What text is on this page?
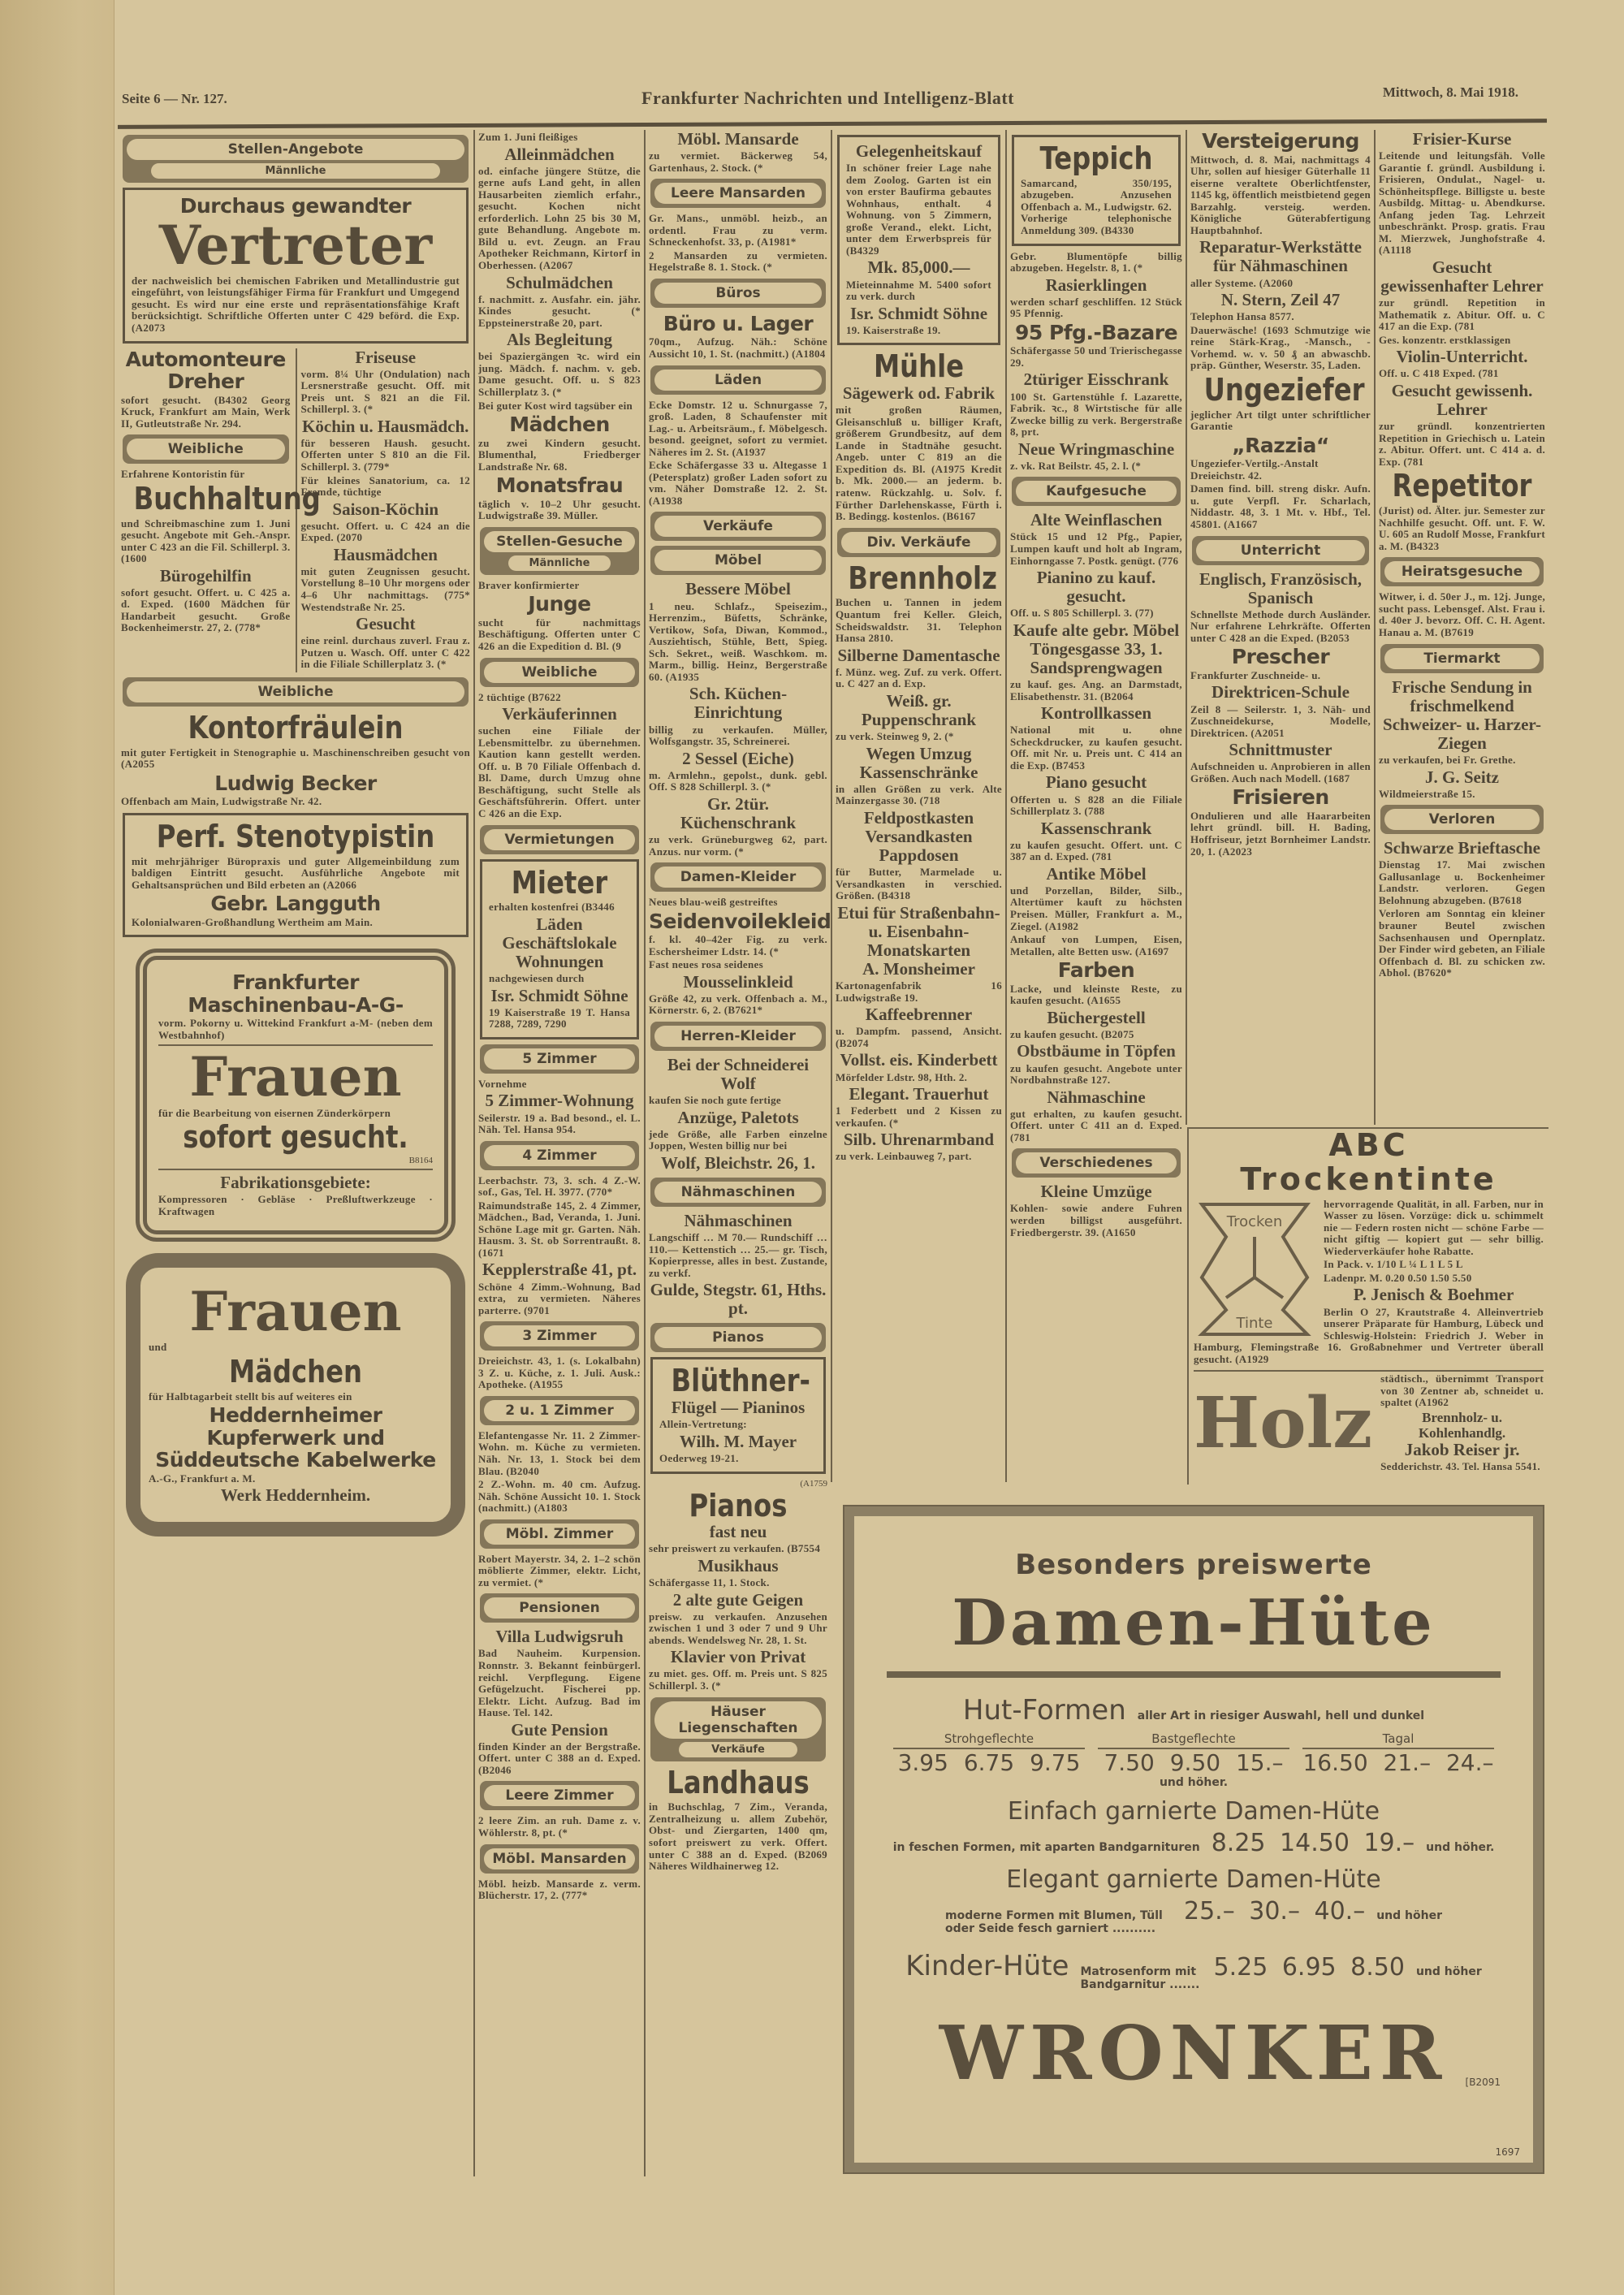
Seite 6 — Nr. 127.	Frankfurter Nachrichten und Intelligenz-Blatt	Mittwoch, 8. Mai 1918.
Stellen-Angebote
Männliche
Durchaus gewandter
Vertreter
der nachweislich bei chemischen Fabriken und Metallindustrie gut eingeführt, von leistungsfähiger Firma für Frankfurt und Umgegend gesucht. Es wird nur eine erste und repräsentationsfähige Kraft berücksichtigt. Schriftliche Offerten unter C 429 beförd. die Exp. (A2073
Automonteure
Dreher
sofort gesucht. (B4302 Georg Kruck, Frankfurt am Main, Werk II, Gutleutstraße Nr. 294.
Weibliche
Erfahrene Kontoristin für
Buchhaltung
und Schreibmaschine zum 1. Juni gesucht. Angebote mit Geh.-Anspr. unter C 423 an die Fil. Schillerpl. 3. (1600
Bürogehilfin
sofort gesucht. Offert. u. C 425 a. d. Exped. (1600 Mädchen für Handarbeit gesucht. Große Bockenheimerstr. 27, 2. (778*
Friseuse
vorm. 8¼ Uhr (Ondulation) nach Lersnerstraße gesucht. Off. mit Preis unt. S 821 an die Fil. Schillerpl. 3. (*
Köchin u. Hausmädch.
für besseren Haush. gesucht. Offerten unter S 810 an die Fil. Schillerpl. 3. (779*
Für kleines Sanatorium, ca. 12 Fremde, tüchtige
Saison-Köchin
gesucht. Offert. u. C 424 an die Exped. (2070
Hausmädchen
mit guten Zeugnissen gesucht. Vorstellung 8–10 Uhr morgens oder 4–6 Uhr nachmittags. (775* Westendstraße Nr. 25.
Gesucht
eine reinl. durchaus zuverl. Frau z. Putzen u. Wasch. Off. unter C 422 in die Filiale Schillerplatz 3. (*
Weibliche
Kontorfräulein
mit guter Fertigkeit in Stenographie u. Maschinenschreiben gesucht von (A2055
Ludwig Becker
Offenbach am Main, Ludwigstraße Nr. 42.
Perf. Stenotypistin
mit mehrjähriger Büropraxis und guter Allgemeinbildung zum baldigen Eintritt gesucht. Ausführliche Angebote mit Gehaltsansprüchen und Bild erbeten an (A2066
Gebr. Langguth
Kolonialwaren-Großhandlung Wertheim am Main.
Frankfurter Maschinenbau-A-G-
vorm. Pokorny u. Wittekind Frankfurt a-M- (neben dem Westbahnhof)
Frauen
für die Bearbeitung von eisernen Zünderkörpern
sofort gesucht.
B8164
Fabrikationsgebiete:
Kompressoren · Gebläse · Preßluftwerkzeuge · Kraftwagen
Frauen
und
Mädchen
für Halbtagarbeit stellt bis auf weiteres ein
Heddernheimer Kupferwerk und Süddeutsche Kabelwerke
A.-G., Frankfurt a. M.
Werk Heddernheim.
Zum 1. Juni fleißiges
Alleinmädchen
od. einfache jüngere Stütze, die gerne aufs Land geht, in allen Hausarbeiten ziemlich erfahr., gesucht. Kochen nicht erforderlich. Lohn 25 bis 30 M, gute Behandlung. Angebote m. Bild u. evt. Zeugn. an Frau Apotheker Reichmann, Kirtorf in Oberhessen. (A2067
Schulmädchen
f. nachmitt. z. Ausfahr. ein. jähr. Kindes gesucht. (* Eppsteinerstraße 20, part.
Als Begleitung
bei Spaziergängen ꝛc. wird ein jung. Mädch. f. nachm. v. geb. Dame gesucht. Off. u. S 823 Schillerplatz 3. (*
Bei guter Kost wird tagsüber ein
Mädchen
zu zwei Kindern gesucht. Blumenthal, Friedberger Landstraße Nr. 68.
Monatsfrau
täglich v. 10–2 Uhr gesucht. Ludwigstraße 39. Müller.
Stellen-Gesuche
Männliche
Braver konfirmierter
Junge
sucht für nachmittags Beschäftigung. Offerten unter C 426 an die Expedition d. Bl. (9
Weibliche
2 tüchtige (B7622
Verkäuferinnen
suchen eine Filiale der Lebensmittelbr. zu übernehmen. Kaution kann gestellt werden. Off. u. B 70 Filiale Offenbach d. Bl. Dame, durch Umzug ohne Beschäftigung, sucht Stelle als Geschäftsführerin. Offert. unter C 426 an die Exp.
Vermietungen
Mieter
erhalten kostenfrei (B3446
Läden Geschäftslokale Wohnungen
nachgewiesen durch
Isr. Schmidt Söhne
19 Kaiserstraße 19 T. Hansa 7288, 7289, 7290
5 Zimmer
Vornehme
5 Zimmer-Wohnung
Seilerstr. 19 a. Bad besond., el. L. Näh. Tel. Hansa 954.
4 Zimmer
Leerbachstr. 73, 3. sch. 4 Z.-W. sof., Gas, Tel. H. 3977. (770*
Raimundstraße 145, 2. 4 Zimmer, Mädchen., Bad, Veranda, 1. Juni. Schöne Lage mit gr. Garten. Näh. Hausm. 3. St. ob Sorrentraußt. 8. (1671
Kepplerstraße 41, pt.
Schöne 4 Zimm.-Wohnung, Bad extra, zu vermieten. Näheres parterre. (9701
3 Zimmer
Dreieichstr. 43, 1. (s. Lokalbahn) 3 Z. u. Küche, z. 1. Juli. Ausk.: Apotheke. (A1955
2 u. 1 Zimmer
Elefantengasse Nr. 11. 2 Zimmer-Wohn. m. Küche zu vermieten. Näh. Nr. 13, 1. Stock bei dem Blau. (B2040
2 Z.-Wohn. m. 40 cm. Aufzug. Näh. Schöne Aussicht 10. 1. Stock (nachmitt.) (A1803
Möbl. Zimmer
Robert Mayerstr. 34, 2. 1–2 schön möblierte Zimmer, elektr. Licht, zu vermiet. (*
Pensionen
Villa Ludwigsruh
Bad Nauheim. Kurpension. Ronnstr. 3. Bekannt feinbürgerl. reichl. Verpflegung. Eigene Gefügelzucht. Fischerei pp. Elektr. Licht. Aufzug. Bad im Hause. Tel. 142.
Gute Pension
finden Kinder an der Bergstraße. Offert. unter C 388 an d. Exped. (B2046
Leere Zimmer
2 leere Zim. an ruh. Dame z. v. Wöhlerstr. 8, pt. (*
Möbl. Mansarden
Möbl. heizb. Mansarde z. verm. Blücherstr. 17, 2. (777*
Möbl. Mansarde
zu vermiet. Bäckerweg 54, Gartenhaus, 2. Stock. (*
Leere Mansarden
Gr. Mans., unmöbl. heizb., an ordentl. Frau zu verm. Schneckenhofst. 33, p. (A1981*
2 Mansarden zu vermieten. Hegelstraße 8. 1. Stock. (*
Büros
Büro u. Lager
70qm., Aufzug. Näh.: Schöne Aussicht 10, 1. St. (nachmitt.) (A1804
Läden
Ecke Domstr. 12 u. Schnurgasse 7, groß. Laden, 8 Schaufenster mit Lag.- u. Arbeitsräum., f. Möbelgesch. besond. geeignet, sofort zu vermiet. Näheres im 2. St. (A1937
Ecke Schäfergasse 33 u. Altegasse 1 (Petersplatz) großer Laden sofort zu vm. Näher Domstraße 12. 2. St. (A1938
Verkäufe
Möbel
Bessere Möbel
1 neu. Schlafz., Speisezim., Herrenzim., Büfetts, Schränke, Vertikow, Sofa, Diwan, Kommod., Ausziehtisch, Stühle, Bett, Spieg. Sch. Sekret., weiß. Waschkom. m. Marm., billig. Heinz, Bergerstraße 60. (A1935
Sch. Küchen-Einrichtung
billig zu verkaufen. Müller, Wolfsgangstr. 35, Schreinerei.
2 Sessel (Eiche)
m. Armlehn., gepolst., dunk. gebl. Off. S 828 Schillerpl. 3. (*
Gr. 2tür. Küchenschrank
zu verk. Grüneburgweg 62, part. Anzus. nur vorm. (*
Damen-Kleider
Neues blau-weiß gestreiftes
Seidenvoilekleid
f. kl. 40–42er Fig. zu verk. Eschersheimer Ldstr. 14. (*
Fast neues rosa seidenes
Mousselinkleid
Größe 42, zu verk. Offenbach a. M., Körnerstr. 6, 2. (B7621*
Herren-Kleider
Bei der Schneiderei Wolf
kaufen Sie noch gute fertige
Anzüge, Paletots
jede Größe, alle Farben einzelne Joppen, Westen billig nur bei
Wolf, Bleichstr. 26, 1.
Nähmaschinen
Nähmaschinen
Langschiff … M 70.— Rundschiff … 110.— Kettenstich … 25.— gr. Tisch, Kopierpresse, alles in best. Zustande, zu verkf.
Gulde, Stegstr. 61, Hths. pt.
Pianos
Blüthner-
Flügel — Pianinos
Allein-Vertretung:
Wilh. M. Mayer
Oederweg 19-21.
(A1759
Pianos
fast neu
sehr preiswert zu verkaufen. (B7554
Musikhaus
Schäfergasse 11, 1. Stock.
2 alte gute Geigen
preisw. zu verkaufen. Anzusehen zwischen 1 und 3 oder 7 und 9 Uhr abends. Wendelsweg Nr. 28, 1. St.
Klavier von Privat
zu miet. ges. Off. m. Preis unt. S 825 Schillerpl. 3. (*
Häuser Liegenschaften
Verkäufe
Landhaus
in Buchschlag, 7 Zim., Veranda, Zentralheizung u. allem Zubehör, Obst- und Ziergarten, 1400 qm, sofort preiswert zu verk. Offert. unter C 388 an d. Exped. (B2069 Näheres Wildhainerweg 12.
Gelegenheitskauf
In schöner freier Lage nahe dem Zoolog. Garten ist ein von erster Baufirma gebautes Wohnhaus, enthalt. 4 Wohnung. von 5 Zimmern, große Verand., elekt. Licht, unter dem Erwerbspreis für (B4329
Mk. 85,000.—
Mieteinnahme M. 5400 sofort zu verk. durch
Isr. Schmidt Söhne
19. Kaiserstraße 19.
Mühle
Sägewerk od. Fabrik
mit großen Räumen, Gleisanschluß u. billiger Kraft, größerem Grundbesitz, auf dem Lande in Stadtnähe gesucht. Angeb. unter C 819 an die Expedition ds. Bl. (A1975 Kredit b. Mk. 2000.— an jederm. b. ratenw. Rückzahlg. u. Solv. f. Fürther Darlehenskasse, Fürth i. B. Bedingg. kostenlos. (B6167
Div. Verkäufe
Brennholz
Buchen u. Tannen in jedem Quantum frei Keller. Gleich, Scheidswaldstr. 31. Telephon Hansa 2810.
Silberne Damentasche
f. Münz. weg. Zuf. zu verk. Offert. u. C 427 an d. Exp.
Weiß. gr. Puppenschrank
zu verk. Steinweg 9, 2. (*
Wegen Umzug
Kassenschränke
in allen Größen zu verk. Alte Mainzergasse 30. (718
Feldpostkasten
Versandkasten
Pappdosen
für Butter, Marmelade u. Versandkasten in verschied. Größen. (B4318
Etui für Straßenbahn- u. Eisenbahn-Monatskarten
A. Monsheimer
Kartonagenfabrik 16 Ludwigstraße 19.
Kaffeebrenner
u. Dampfm. passend, Ansicht. (B2074
Vollst. eis. Kinderbett
Mörfelder Ldstr. 98, Hth. 2.
Elegant. Trauerhut
1 Federbett und 2 Kissen zu verkaufen. (*
Silb. Uhrenarmband
zu verk. Leinbauweg 7, part.
Teppich
Samarcand, 350/195, abzugeben. Anzusehen Offenbach a. M., Ludwigstr. 62. Vorherige telephonische Anmeldung 309. (B4330
Gebr. Blumentöpfe billig abzugeben. Hegelstr. 8, 1. (*
Rasierklingen
werden scharf geschliffen. 12 Stück 95 Pfennig.
95 Pfg.-Bazare
Schäfergasse 50 und Trierischegasse 29.
2türiger Eisschrank
100 St. Gartenstühle f. Lazarette, Fabrik. ꝛc., 8 Wirtstische für alle Zwecke billig zu verk. Bergerstraße 8, prt.
Neue Wringmaschine
z. vk. Rat Beilstr. 45, 2. l. (*
Kaufgesuche
Alte Weinflaschen
Stück 15 und 12 Pfg., Papier, Lumpen kauft und holt ab Ingram, Einhorngasse 7. Postk. genügt. (776
Pianino zu kauf. gesucht.
Off. u. S 805 Schillerpl. 3. (77)
Kaufe alte gebr. Möbel
Töngesgasse 33, 1.
Sandsprengwagen
zu kauf. ges. Ang. an Darmstadt, Elisabethenstr. 31. (B2064
Kontrollkassen
National mit u. ohne Scheckdrucker, zu kaufen gesucht. Off. mit Nr. u. Preis unt. C 414 an die Exp. (B7453
Piano gesucht
Offerten u. S 828 an die Filiale Schillerplatz 3. (788
Kassenschrank
zu kaufen gesucht. Offert. unt. C 387 an d. Exped. (781
Antike Möbel
und Porzellan, Bilder, Silb., Altertümer kauft zu höchsten Preisen. Müller, Frankfurt a. M., Ziegel. (A1982
Ankauf von Lumpen, Eisen, Metallen, alte Betten usw. (A1697
Farben
Lacke, und kleinste Reste, zu kaufen gesucht. (A1655
Büchergestell
zu kaufen gesucht. (B2075
Obstbäume in Töpfen
zu kaufen gesucht. Angebote unter Nordbahnstraße 127.
Nähmaschine
gut erhalten, zu kaufen gesucht. Offert. unter C 411 an d. Exped. (781
Verschiedenes
Kleine Umzüge
Kohlen- sowie andere Fuhren werden billigst ausgeführt. Friedbergerstr. 39. (A1650
Versteigerung
Mittwoch, d. 8. Mai, nachmittags 4 Uhr, sollen auf hiesiger Güterhalle 11 eiserne veraltete Oberlichtfenster, 1145 kg, öffentlich meistbietend gegen Barzahlg. versteig. werden. Königliche Güterabfertigung Hauptbahnhof.
Reparatur-Werkstätte für Nähmaschinen
aller Systeme. (A2060
N. Stern, Zeil 47
Telephon Hansa 8577.
Dauerwäsche! (1693 Schmutzige wie reine Stärk-Krag., -Mansch., -Vorhemd. w. v. 50 ₰ an abwaschb. präp. Günther, Weserstr. 35, Laden.
Ungeziefer
jeglicher Art tilgt unter schriftlicher Garantie
„Razzia“
Ungeziefer-Vertilg.-Anstalt Dreieichstr. 42.
Damen find. bill. streng diskr. Aufn. u. gute Verpfl. Fr. Scharlach, Niddastr. 48, 3. 1 Mt. v. Hbf., Tel. 45801. (A1667
Unterricht
Englisch, Französisch, Spanisch
Schnellste Methode durch Ausländer. Nur erfahrene Lehrkräfte. Offerten unter C 428 an die Exped. (B2053
Prescher
Frankfurter Zuschneide- u.
Direktricen-Schule
Zeil 8 — Seilerstr. 1, 3. Näh- und Zuschneidekurse, Modelle, Direktricen. (A2051
Schnittmuster
Aufschneiden u. Anprobieren in allen Größen. Auch nach Modell. (1687
Frisieren
Ondulieren und alle Haararbeiten lehrt gründl. bill. H. Bading, Hoffriseur, jetzt Bornheimer Landstr. 20, 1. (A2023
Frisier-Kurse
Leitende und leitungsfäh. Volle Garantie f. gründl. Ausbildung i. Frisieren, Ondulat., Nagel- u. Schönheitspflege. Billigste u. beste Ausbildg. Mittag- u. Abendkurse. Anfang jeden Tag. Lehrzeit unbeschränkt. Prosp. gratis. Frau M. Mierzwek, Junghofstraße 4. (A1118
Gesucht gewissenhafter Lehrer
zur gründl. Repetition in Mathematik z. Abitur. Off. u. C 417 an die Exp. (781
Ges. konzentr. erstklassigen
Violin-Unterricht.
Off. u. C 418 Exped. (781
Gesucht gewissenh. Lehrer
zur gründl. konzentrierten Repetition in Griechisch u. Latein z. Abitur. Offert. unt. C 414 a. d. Exp. (781
Repetitor
(Jurist) od. Älter. jur. Semester zur Nachhilfe gesucht. Off. unt. F. W. U. 605 an Rudolf Mosse, Frankfurt a. M. (B4323
Heiratsgesuche
Witwer, i. d. 50er J., m. 12j. Junge, sucht pass. Lebensgef. Alst. Frau i. d. 40er J. bevorz. Off. C. H. Agent. Hanau a. M. (B7619
Tiermarkt
Frische Sendung in frischmelkend
Schweizer- u. Harzer-Ziegen
zu verkaufen, bei Fr. Grethe.
J. G. Seitz
Wildmeierstraße 15.
Verloren
Schwarze Brieftasche
Dienstag 17. Mai zwischen Gallusanlage u. Bockenheimer Landstr. verloren. Gegen Belohnung abzugeben. (B7618
Verloren am Sonntag ein kleiner brauner Beutel zwischen Sachsenhausen und Opernplatz. Der Finder wird gebeten, an Filiale Offenbach d. Bl. zu schicken zw. Abhol. (B7620*
ABC Trockentinte
Trocken
Tinte
hervorragende Qualität, in all. Farben, nur in Wasser zu lösen. Vorzüge: dick u. schimmelt nie — Federn rosten nicht — schöne Farbe — nicht giftig — kopiert gut — sehr billig. Wiederverkäufer hohe Rabatte.
In Pack. v. 1/10 L ¼ L 1 L 5 L
Ladenpr. M. 0.20 0.50 1.50 5.50
P. Jenisch & Boehmer
Berlin O 27, Krautstraße 4. Alleinvertrieb unserer Präparate für Hamburg, Lübeck und Schleswig-Holstein: Friedrich J. Weber in Hamburg, Flemingstraße 16. Großabnehmer und Vertreter überall gesucht. (A1929
Holz
städtisch., übernimmt Transport von 30 Zentner ab, schneidet u. spaltet (A1962
Brennholz- u. Kohlenhandlg.
Jakob Reiser jr.
Sedderichstr. 43. Tel. Hansa 5541.
Besonders preiswerte
Damen-Hüte
Hut-Formen aller Art in riesiger Auswahl, hell und dunkel
Strohgeflechte
3.95 6.75 9.75
Bastgeflechte
7.50 9.50 15.–
Tagal
16.50 21.– 24.–
und höher.
Einfach garnierte Damen-Hüte
in feschen Formen, mit aparten Bandgarnituren 8.25 14.50 19.– und höher.
Elegant garnierte Damen-Hüte
moderne Formen mit Blumen, Tüll oder Seide fesch garniert ..........
25.– 30.– 40.– und höher
Kinder-Hüte Matrosenform mit Bandgarnitur .......
5.25 6.95 8.50 und höher
[B2091
WRONKER
1697
